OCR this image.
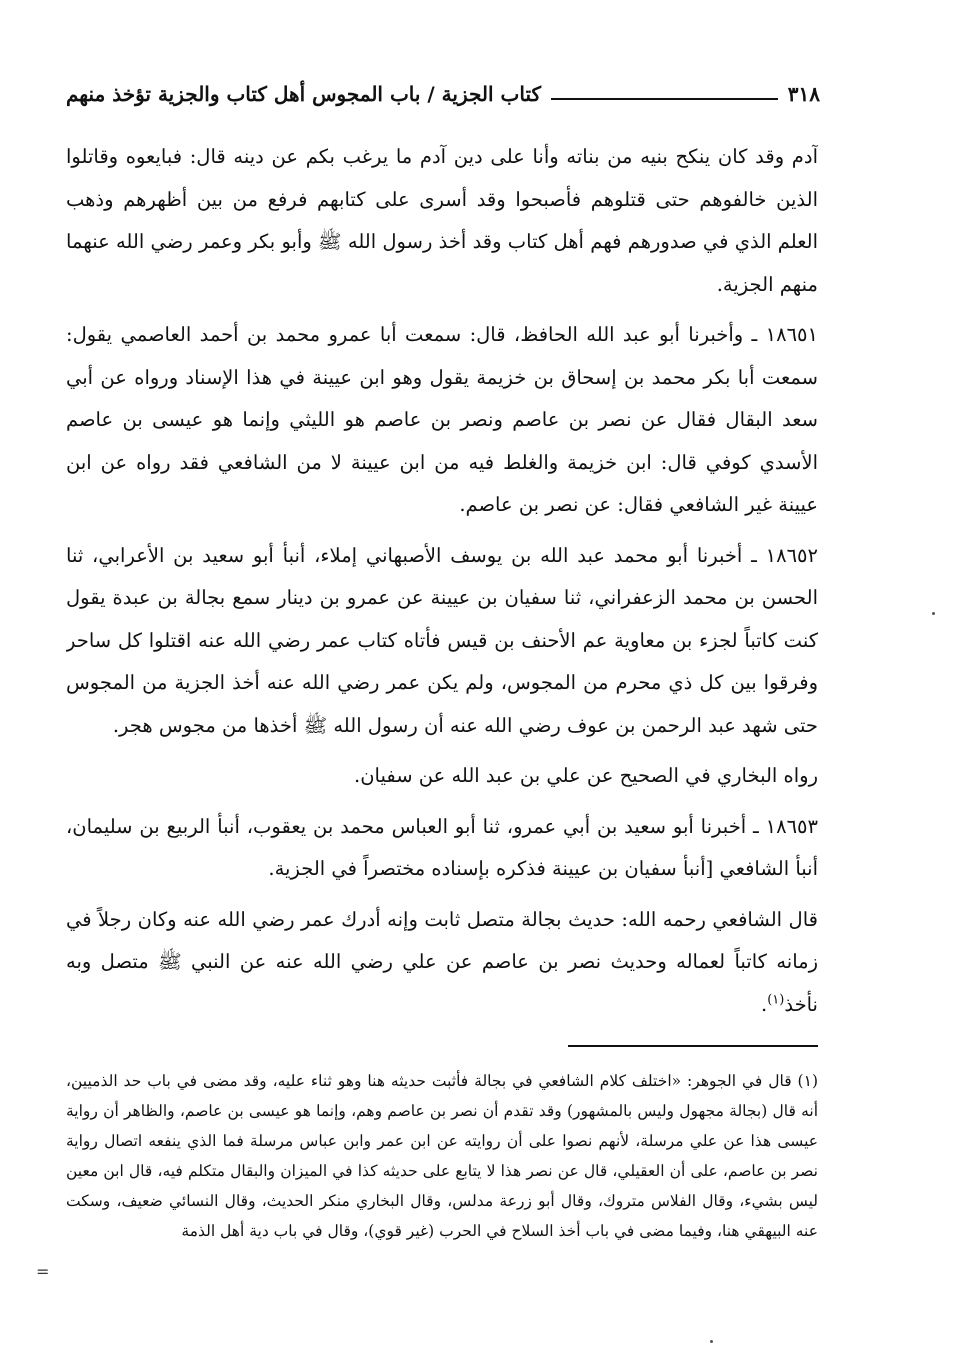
٣١٨
كتاب الجزية / باب المجوس أهل كتاب والجزية تؤخذ منهم

آدم وقد كان ينكح بنيه من بناته وأنا على دين آدم ما يرغب بكم عن دينه قال: فبايعوه وقاتلوا الذين خالفوهم حتى قتلوهم فأصبحوا وقد أسرى على كتابهم فرفع من بين أظهرهم وذهب العلم الذي في صدورهم فهم أهل كتاب وقد أخذ رسول الله ﷺ وأبو بكر وعمر رضي الله عنهما منهم الجزية.

١٨٦٥١ ـ وأخبرنا أبو عبد الله الحافظ، قال: سمعت أبا عمرو محمد بن أحمد العاصمي يقول: سمعت أبا بكر محمد بن إسحاق بن خزيمة يقول وهو ابن عيينة في هذا الإسناد ورواه عن أبي سعد البقال فقال عن نصر بن عاصم ونصر بن عاصم هو الليثي وإنما هو عيسى بن عاصم الأسدي كوفي قال: ابن خزيمة والغلط فيه من ابن عيينة لا من الشافعي فقد رواه عن ابن عيينة غير الشافعي فقال: عن نصر بن عاصم.

١٨٦٥٢ ـ أخبرنا أبو محمد عبد الله بن يوسف الأصبهاني إملاء، أنبأ أبو سعيد بن الأعرابي، ثنا الحسن بن محمد الزعفراني، ثنا سفيان بن عيينة عن عمرو بن دينار سمع بجالة بن عبدة يقول كنت كاتباً لجزء بن معاوية عم الأحنف بن قيس فأتاه كتاب عمر رضي الله عنه اقتلوا كل ساحر وفرقوا بين كل ذي محرم من المجوس، ولم يكن عمر رضي الله عنه أخذ الجزية من المجوس حتى شهد عبد الرحمن بن عوف رضي الله عنه أن رسول الله ﷺ أخذها من مجوس هجر.

رواه البخاري في الصحيح عن علي بن عبد الله عن سفيان.

١٨٦٥٣ ـ أخبرنا أبو سعيد بن أبي عمرو، ثنا أبو العباس محمد بن يعقوب، أنبأ الربيع بن سليمان، أنبأ الشافعي [أنبأ سفيان بن عيينة فذكره بإسناده مختصراً في الجزية.

قال الشافعي رحمه الله: حديث بجالة متصل ثابت وإنه أدرك عمر رضي الله عنه وكان رجلاً في زمانه كاتباً لعماله وحديث نصر بن عاصم عن علي رضي الله عنه عن النبي ﷺ متصل وبه نأخذ$^{(١)}$.

(١) قال في الجوهر: «اختلف كلام الشافعي في بجالة فأثبت حديثه هنا وهو ثناء عليه، وقد مضى في باب حد الذميين، أنه قال (بجالة مجهول وليس بالمشهور) وقد تقدم أن نصر بن عاصم وهم، وإنما هو عيسى بن عاصم، والظاهر أن رواية عيسى هذا عن علي مرسلة، لأنهم نصوا على أن روايته عن ابن عمر وابن عباس مرسلة فما الذي ينفعه اتصال رواية نصر بن عاصم، على أن العقيلي، قال عن نصر هذا لا يتابع على حديثه كذا في الميزان والبقال متكلم فيه، قال ابن معين ليس بشيء، وقال الفلاس متروك، وقال أبو زرعة مدلس، وقال البخاري منكر الحديث، وقال النسائي ضعيف، وسكت عنه البيهقي هنا، وفيما مضى في باب أخذ السلاح في الحرب (غير قوي)، وقال في باب دية أهل الذمة

=
